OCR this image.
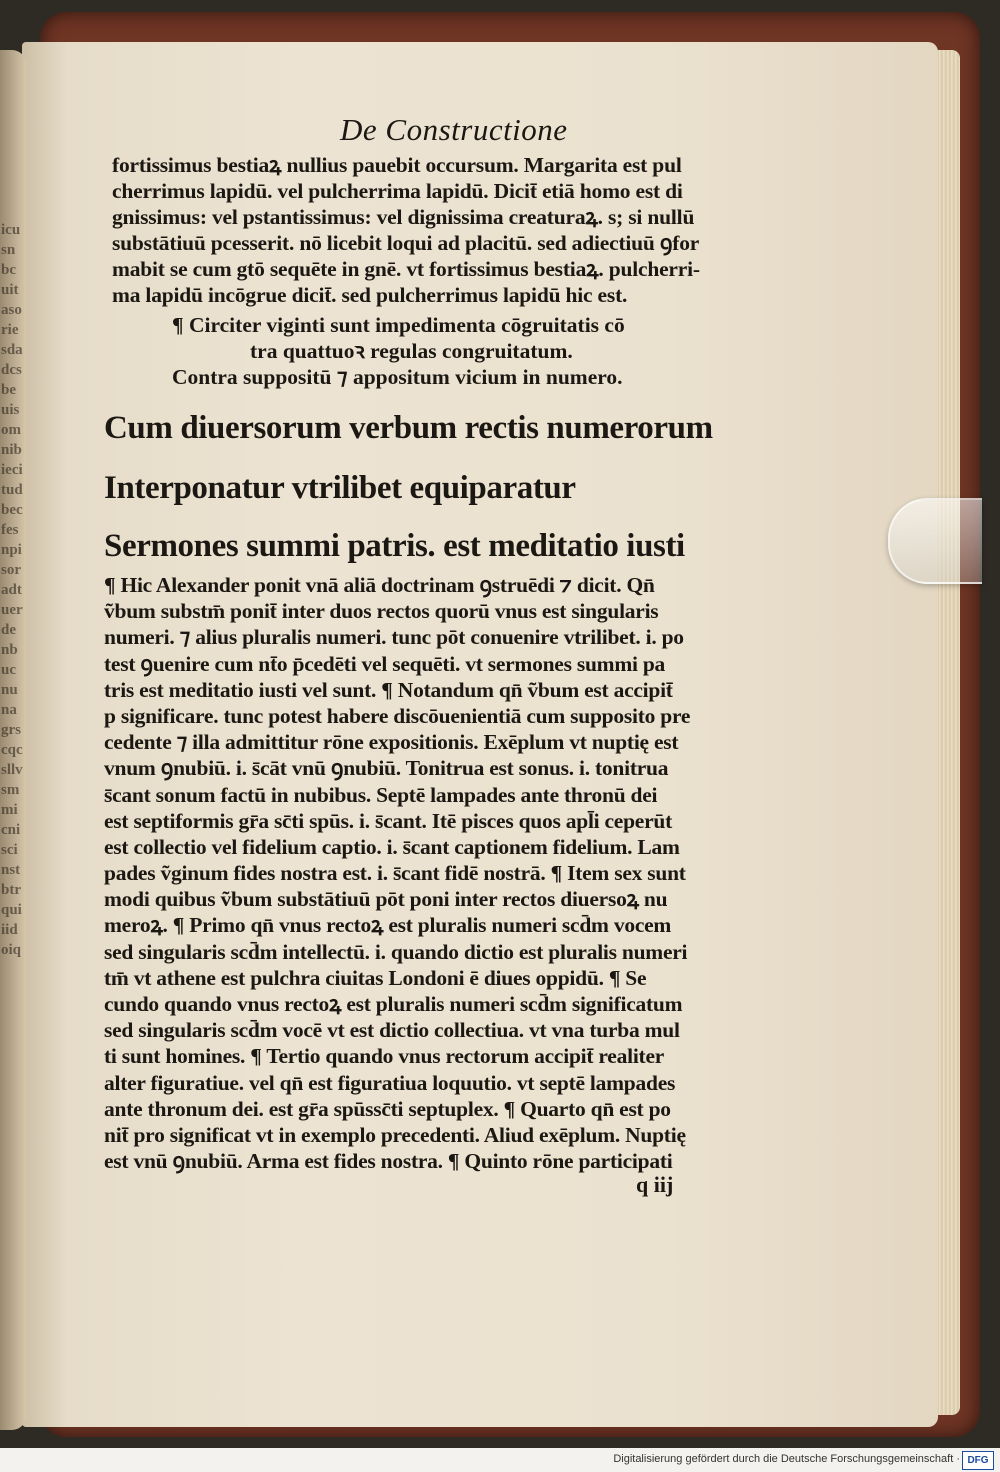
icusnbcuitasoriesdadcsbeuisomnibiecitudbecfesnpisoradtuerdenbucnunagrscqcsllvsmmicniscinstbtrquiiidoiq
De Constructione
fortissimus bestiaꝝ nullius pauebit occursum. Margarita est pul
cherrimus lapidū. vel pulcherrima lapidū. Dicit̄ etiā homo est di
gnissimus: vel pstantissimus: vel dignissima creaturaꝝ. s; si nullū
substātiuū pcesserit. nō licebit loqui ad placitū. sed adiectiuū ꝯfor
mabit se cum gtō sequēte in gnē. vt fortissimus bestiaꝝ. pulcherri-
ma lapidū incōgrue dicit̄. sed pulcherrimus lapidū hic est.
¶ Circiter viginti sunt impedimenta cōgruitatis cō
tra quattuoꝛ regulas congruitatum.
Contra suppositū ⁊ appositum vicium in numero.
Cum diuersorum verbum rectis numerorum
Interponatur vtrilibet equiparatur
Sermones summi patris. est meditatio iusti
¶ Hic Alexander ponit vnā aliā doctrinam ꝯstruēdi ⁊ dicit. Qn̄
ṽbum substm̄ ponit̄ inter duos rectos quorū vnus est singularis
numeri. ⁊ alius pluralis numeri. tunc pōt conuenire vtrilibet. i. po
test ꝯuenire cum nt̄o p̄cedēti vel sequēti. vt sermones summi pa
tris est meditatio iusti vel sunt. ¶ Notandum qn̄ ṽbum est accipit̄
p significare. tunc potest habere discōuenientiā cum supposito pre
cedente ⁊ illa admittitur rōne expositionis. Exēplum vt nuptię est
vnum ꝯnubiū. i. s̄cāt vnū ꝯnubiū. Tonitrua est sonus. i. tonitrua
s̄cant sonum factū in nubibus. Septē lampades ante thronū dei
est septiformis gr̄a sc̄ti spūs. i. s̄cant. Itē pisces quos apl̄i ceperūt
est collectio vel fidelium captio. i. s̄cant captionem fidelium. Lam
pades ṽginum fides nostra est. i. s̄cant fidē nostrā. ¶ Item sex sunt
modi quibus ṽbum substātiuū pōt poni inter rectos diuersoꝝ nu
meroꝝ. ¶ Primo qn̄ vnus rectoꝝ est pluralis numeri scd̄m vocem
sed singularis scd̄m intellectū. i. quando dictio est pluralis numeri
tm̄ vt athene est pulchra ciuitas Londoni ē diues oppidū. ¶ Se
cundo quando vnus rectoꝝ est pluralis numeri scd̄m significatum
sed singularis scd̄m vocē vt est dictio collectiua. vt vna turba mul
ti sunt homines. ¶ Tertio quando vnus rectorum accipit̄ realiter
alter figuratiue. vel qn̄ est figuratiua loquutio. vt septē lampades
ante thronum dei. est gr̄a spūssc̄ti septuplex. ¶ Quarto qn̄ est po
nit̄ pro significat vt in exemplo precedenti. Aliud exēplum. Nuptię
est vnū ꝯnubiū. Arma est fides nostra. ¶ Quinto rōne participati
q iij
Digitalisierung gefördert durch die Deutsche Forschungsgemeinschaft · DFG
